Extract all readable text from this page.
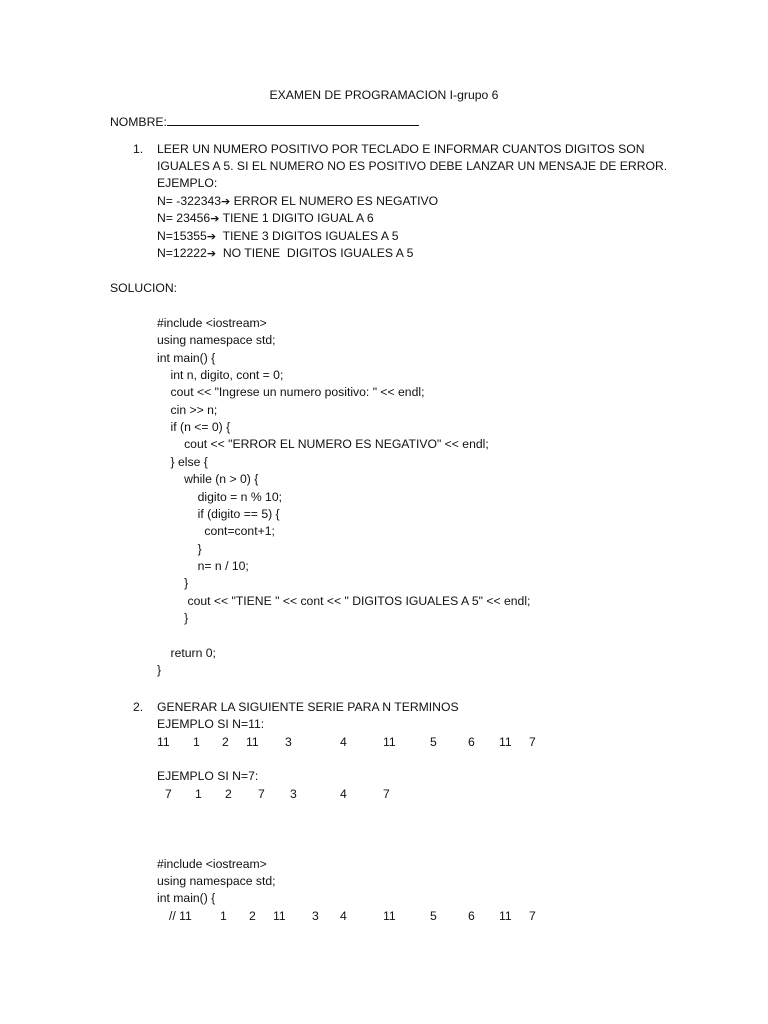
EXAMEN DE PROGRAMACION I-grupo 6
NOMBRE:
1. LEER UN NUMERO POSITIVO POR TECLADO E INFORMAR CUANTOS DIGITOS SON
IGUALES A 5. SI EL NUMERO NO ES POSITIVO DEBE LANZAR UN MENSAJE DE ERROR.
EJEMPLO:
N= -322343➔ ERROR EL NUMERO ES NEGATIVO
N= 23456➔ TIENE 1 DIGITO IGUAL A 6
N=15355➔ TIENE 3 DIGITOS IGUALES A 5
N=12222➔ NO TIENE  DIGITOS IGUALES A 5
SOLUCION:
#include <iostream>
using namespace std;
int main() {
int n, digito, cont = 0;
cout << "Ingrese un numero positivo: " << endl;
cin >> n;
if (n <= 0) {
cout << "ERROR EL NUMERO ES NEGATIVO" << endl;
} else {
while (n > 0) {
digito = n % 10;
if (digito == 5) {
cont=cont+1;
}
n= n / 10;
}
cout << "TIENE " << cont << " DIGITOS IGUALES A 5" << endl;
}
return 0;
}
2. GENERAR LA SIGUIENTE SERIE PARA N TERMINOS
EJEMPLO SI N=11:
11 1 2 11 3	4	11	5	6 11 7
EJEMPLO SI N=7:
7 1 2 7 3	4	7
#include <iostream>
using namespace std;
int main() {
// 11 1 2 11 3 4	11	5	6 11 7
